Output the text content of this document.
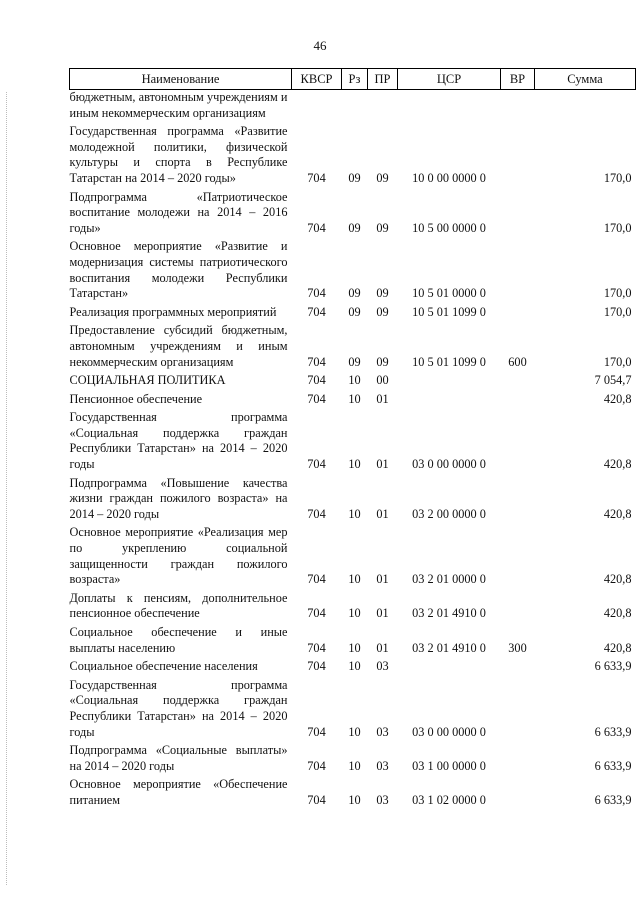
46
Наименование	КВСР	Рз	ПР	ЦСР	ВР	Сумма
бюджетным, автономным учреждениям и иным некоммерческим организациям						
Государственная программа «Развитие молодежной политики, физической культуры и спорта в Республике Татарстан на 2014 – 2020 годы»	704	09	09	10 0 00 0000 0		170,0
Подпрограмма «Патриотическое воспитание молодежи на 2014 – 2016 годы»	704	09	09	10 5 00 0000 0		170,0
Основное мероприятие «Развитие и модернизация системы патриотического воспитания молодежи Республики Татарстан»	704	09	09	10 5 01 0000 0		170,0
Реализация программных мероприятий	704	09	09	10 5 01 1099 0		170,0
Предоставление субсидий бюджетным, автономным учреждениям и иным некоммерческим организациям	704	09	09	10 5 01 1099 0	600	170,0
СОЦИАЛЬНАЯ ПОЛИТИКА	704	10	00			7 054,7
Пенсионное обеспечение	704	10	01			420,8
Государственная программа «Социальная поддержка граждан Республики Татарстан» на 2014 – 2020 годы	704	10	01	03 0 00 0000 0		420,8
Подпрограмма «Повышение качества жизни граждан пожилого возраста» на 2014 – 2020 годы	704	10	01	03 2 00 0000 0		420,8
Основное мероприятие «Реализация мер по укреплению социальной защищенности граждан пожилого возраста»	704	10	01	03 2 01 0000 0		420,8
Доплаты к пенсиям, дополнительное пенсионное обеспечение	704	10	01	03 2 01 4910 0		420,8
Социальное обеспечение и иные выплаты населению	704	10	01	03 2 01 4910 0	300	420,8
Социальное обеспечение населения	704	10	03			6 633,9
Государственная программа «Социальная поддержка граждан Республики Татарстан» на 2014 – 2020 годы	704	10	03	03 0 00 0000 0		6 633,9
Подпрограмма «Социальные выплаты» на 2014 – 2020 годы	704	10	03	03 1 00 0000 0		6 633,9
Основное мероприятие «Обеспечение питанием	704	10	03	03 1 02 0000 0		6 633,9
